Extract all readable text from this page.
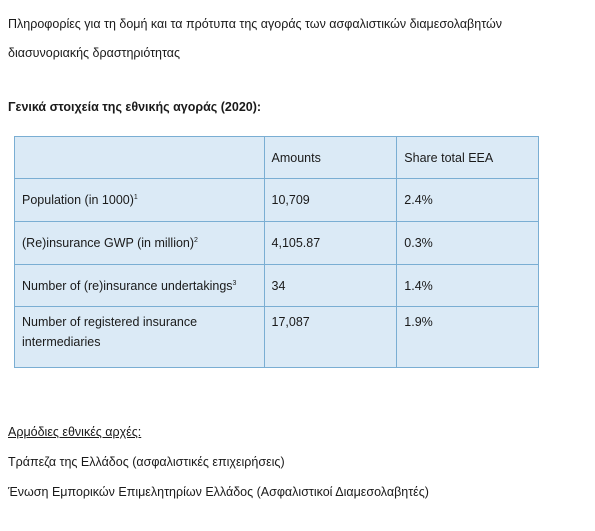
Πληροφορίες για τη δομή και τα πρότυπα της αγοράς των ασφαλιστικών διαμεσολαβητών
διασυνοριακής δραστηριότητας

Γενικά στοιχεία της εθνικής αγοράς (2020):

	Amounts	Share total EEA
Population (in 1000)$^1$	10,709	2.4%
(Re)insurance GWP (in million)$^2$	4,105.87	0.3%
Number of (re)insurance undertakings$^3$	34	1.4%
Number of registered insurance intermediaries	17,087	1.9%

Αρμόδιες εθνικές αρχές:

Τράπεζα της Ελλάδος (ασφαλιστικές επιχειρήσεις)

Ένωση Εμπορικών Επιμελητηρίων Ελλάδος (Ασφαλιστικοί Διαμεσολαβητές)
